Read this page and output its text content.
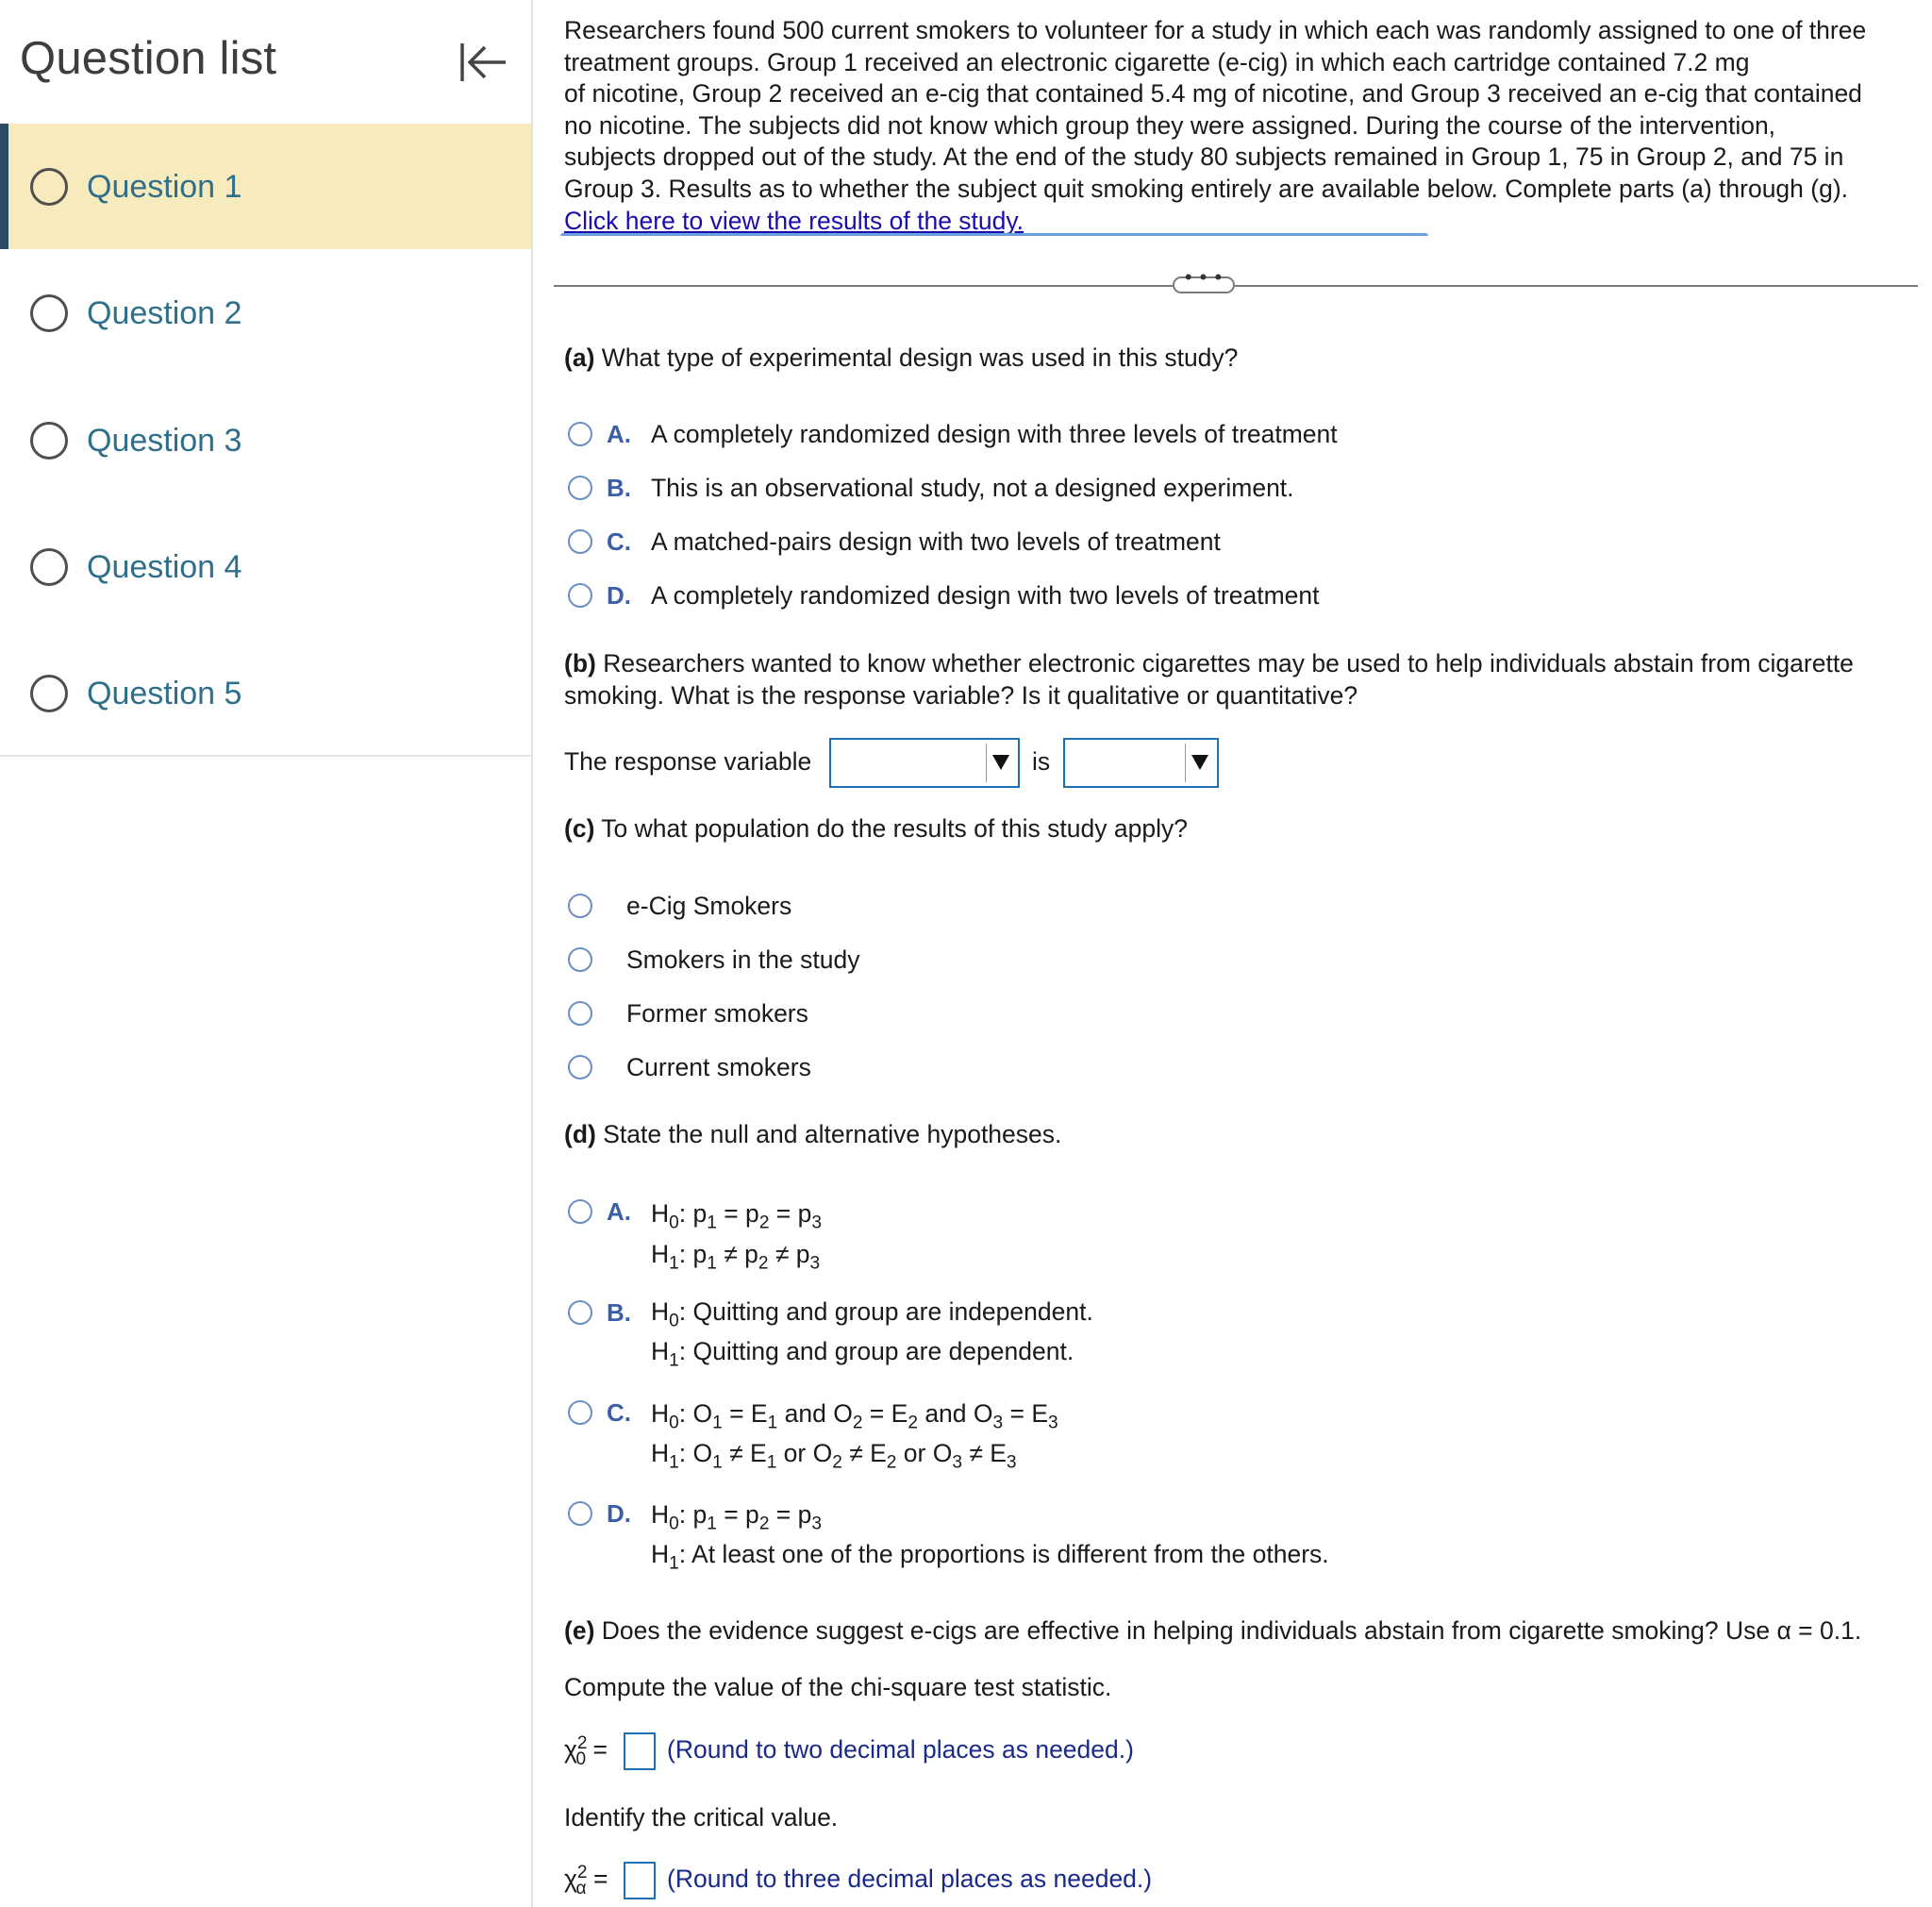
Question list
Question 1
Question 2
Question 3
Question 4
Question 5
Researchers found 500 current smokers to volunteer for a study in which each was randomly assigned to one of three
treatment groups. Group 1 received an electronic cigarette (e-cig) in which each cartridge contained 7.2 mg
of nicotine, Group 2 received an e-cig that contained 5.4 mg of nicotine, and Group 3 received an e-cig that contained
no nicotine. The subjects did not know which group they were assigned. During the course of the intervention,
subjects dropped out of the study. At the end of the study 80 subjects remained in Group 1, 75 in Group 2, and 75 in
Group 3. Results as to whether the subject quit smoking entirely are available below. Complete parts (a) through (g).
Click here to view the results of the study.
• • •
(a) What type of experimental design was used in this study?
A. A completely randomized design with three levels of treatment
B. This is an observational study, not a designed experiment.
C. A matched-pairs design with two levels of treatment
D. A completely randomized design with two levels of treatment
(b) Researchers wanted to know whether electronic cigarettes may be used to help individuals abstain from cigarette
smoking. What is the response variable? Is it qualitative or quantitative?
The response variable	is
(c) To what population do the results of this study apply?
e-Cig Smokers
Smokers in the study
Former smokers
Current smokers
(d) State the null and alternative hypotheses.
A. $H_0$: $p_1 = p_2 = p_3$
$H_1$: $p_1 \ne p_2 \ne p_3$
B. $H_0$: Quitting and group are independent.
$H_1$: Quitting and group are dependent.
C. $H_0$: $O_1 = E_1$ and $O_2 = E_2$ and $O_3 = E_3$
$H_1$: $O_1 \ne E_1$ or $O_2 \ne E_2$ or $O_3 \ne E_3$
D. $H_0$: $p_1 = p_2 = p_3$
$H_1$: At least one of the proportions is different from the others.
(e) Does the evidence suggest e-cigs are effective in helping individuals abstain from cigarette smoking? Use α = 0.1.
Compute the value of the chi-square test statistic.
$\chi^2_0$ = (Round to two decimal places as needed.)
Identify the critical value.
$\chi^2_\alpha$ = (Round to three decimal places as needed.)
